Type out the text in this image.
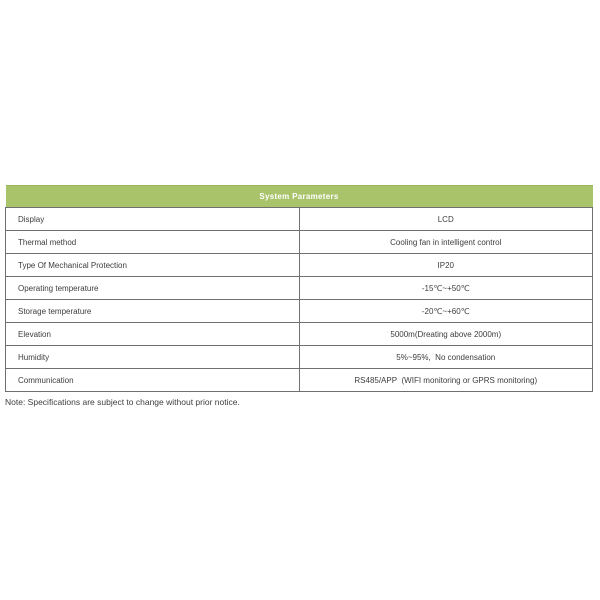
System Parameters	
Display	LCD
Thermal method	Cooling fan in intelligent control
Type Of Mechanical Protection	IP20
Operating temperature	-15℃~+50℃
Storage temperature	-20℃~+60℃
Elevation	5000m(Dreating above 2000m)
Humidity	5%~95%,  No condensation
Communication	RS485/APP  (WIFI monitoring or GPRS monitoring)
Note: Specifications are subject to change without prior notice.
